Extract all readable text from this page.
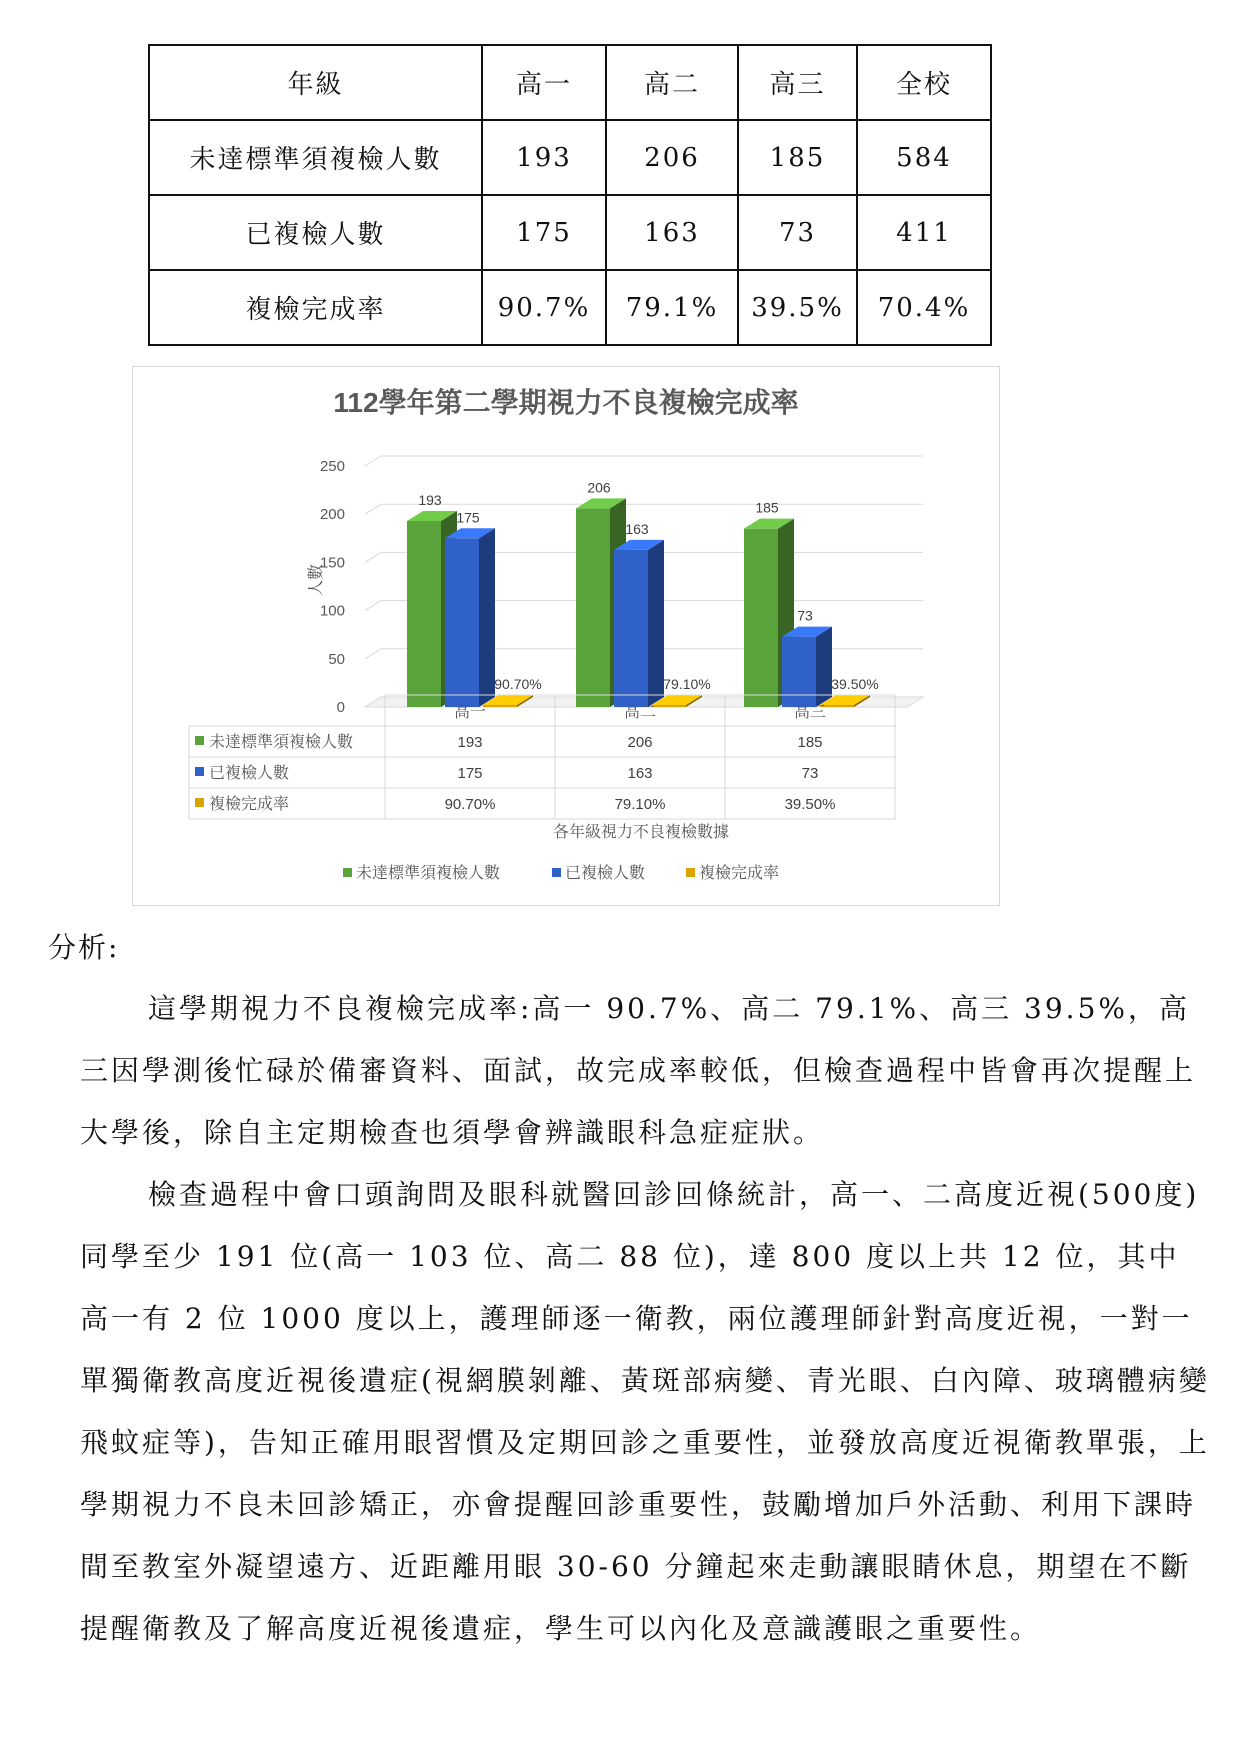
年級	高一	高二	高三	全校
未達標準須複檢人數	193	206	185	584
已複檢人數	175	163	73	411
複檢完成率	90.7%	79.1%	39.5%	70.4%
112學年第二學期視力不良複檢完成率
0
50
100
150
200
250
人數
193
175
90.70%
206
163
79.10%
185
73
39.50%
高一	高二	高三
未達標準須複檢人數	193	206	185
已複檢人數	175	163	73
複檢完成率	90.70%	79.10%	39.50%
各年級視力不良複檢數據
未達標準須複檢人數	已複檢人數	複檢完成率
分析:

這學期視力不良複檢完成率:高一 90.7%、高二 79.1%、高三 39.5%，高三因學測後忙碌於備審資料、面試，故完成率較低，但檢查過程中皆會再次提醒上大學後，除自主定期檢查也須學會辨識眼科急症症狀。

檢查過程中會口頭詢問及眼科就醫回診回條統計，高一、二高度近視(500度)同學至少 191 位(高一 103 位、高二 88 位)，達 800 度以上共 12 位，其中高一有 2 位 1000 度以上，護理師逐一衛教，兩位護理師針對高度近視，一對一單獨衛教高度近視後遺症(視網膜剝離、黃斑部病變、青光眼、白內障、玻璃體病變飛蚊症等)，告知正確用眼習慣及定期回診之重要性，並發放高度近視衛教單張，上學期視力不良未回診矯正，亦會提醒回診重要性，鼓勵增加戶外活動、利用下課時間至教室外凝望遠方、近距離用眼 30-60 分鐘起來走動讓眼睛休息，期望在不斷提醒衛教及了解高度近視後遺症，學生可以內化及意識護眼之重要性。
